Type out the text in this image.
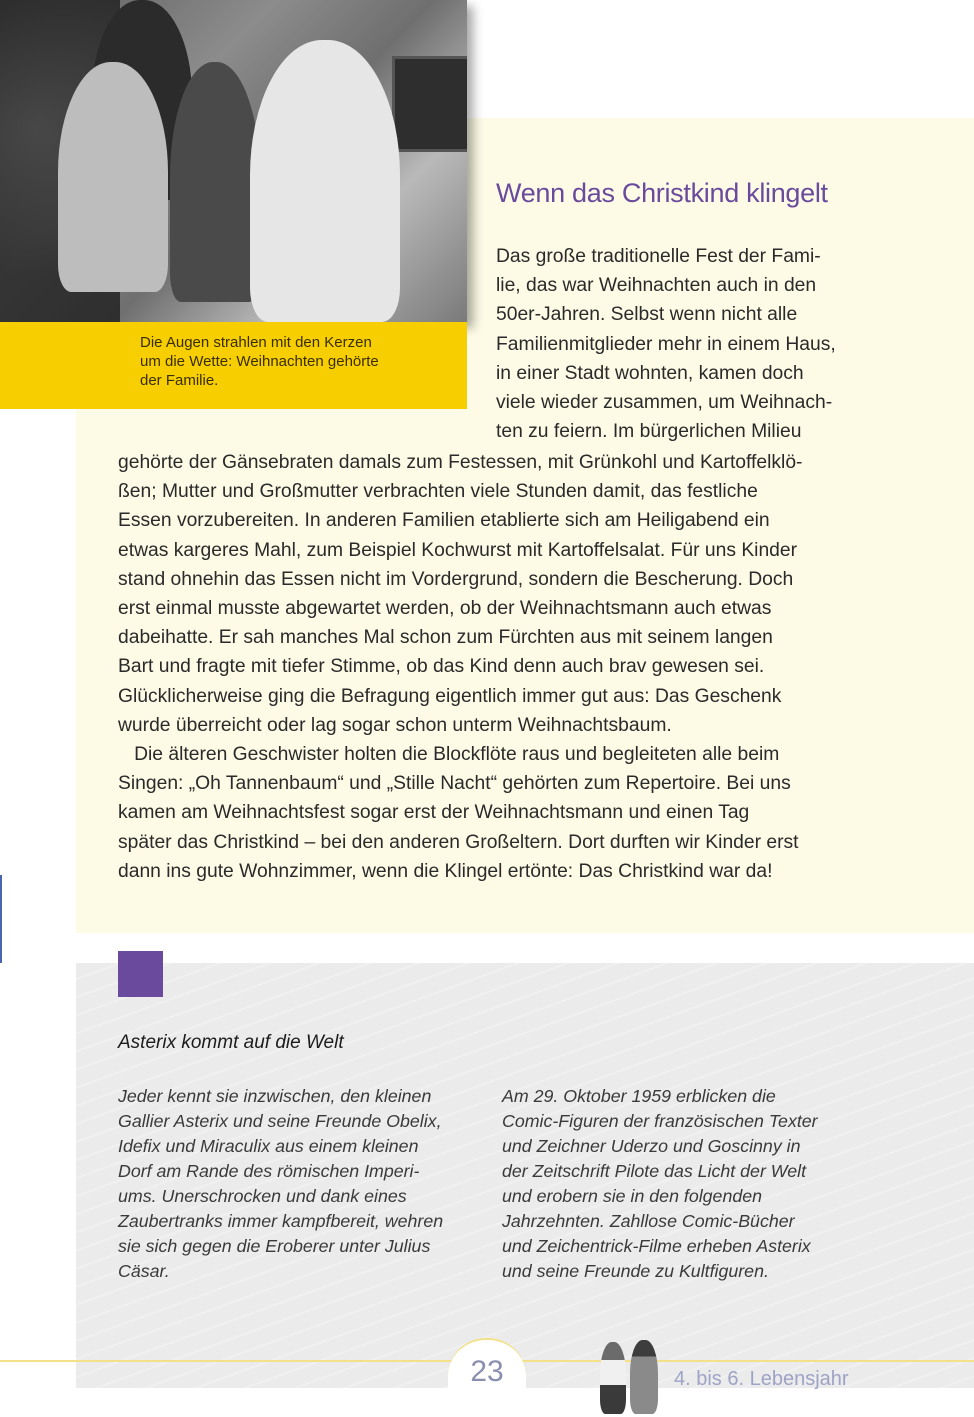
Die Augen strahlen mit den Kerzen
um die Wette: Weihnachten gehörte
der Familie.
Wenn das Christkind klingelt
Das große traditionelle Fest der Fami-
lie, das war Weihnachten auch in den
50er-Jahren. Selbst wenn nicht alle
Familienmitglieder mehr in einem Haus,
in einer Stadt wohnten, kamen doch
viele wieder zusammen, um Weihnach-
ten zu feiern. Im bürgerlichen Milieu
gehörte der Gänsebraten damals zum Festessen, mit Grünkohl und Kartoffelklö-
ßen; Mutter und Großmutter verbrachten viele Stunden damit, das festliche
Essen vorzubereiten. In anderen Familien etablierte sich am Heiligabend ein
etwas kargeres Mahl, zum Beispiel Kochwurst mit Kartoffelsalat. Für uns Kinder
stand ohnehin das Essen nicht im Vordergrund, sondern die Bescherung. Doch
erst einmal musste abgewartet werden, ob der Weihnachtsmann auch etwas
dabeihatte. Er sah manches Mal schon zum Fürchten aus mit seinem langen
Bart und fragte mit tiefer Stimme, ob das Kind denn auch brav gewesen sei.
Glücklicherweise ging die Befragung eigentlich immer gut aus: Das Geschenk
wurde überreicht oder lag sogar schon unterm Weihnachtsbaum.
Die älteren Geschwister holten die Blockflöte raus und begleiteten alle beim
Singen: „Oh Tannenbaum“ und „Stille Nacht“ gehörten zum Repertoire. Bei uns
kamen am Weihnachtsfest sogar erst der Weihnachtsmann und einen Tag
später das Christkind – bei den anderen Großeltern. Dort durften wir Kinder erst
dann ins gute Wohnzimmer, wenn die Klingel ertönte: Das Christkind war da!
Asterix kommt auf die Welt
Jeder kennt sie inzwischen, den kleinen
Gallier Asterix und seine Freunde Obelix,
Idefix und Miraculix aus einem kleinen
Dorf am Rande des römischen Imperi-
ums. Unerschrocken und dank eines
Zaubertranks immer kampfbereit, wehren
sie sich gegen die Eroberer unter Julius
Cäsar.
Am 29. Oktober 1959 erblicken die
Comic-Figuren der französischen Texter
und Zeichner Uderzo und Goscinny in
der Zeitschrift Pilote das Licht der Welt
und erobern sie in den folgenden
Jahrzehnten. Zahllose Comic-Bücher
und Zeichentrick-Filme erheben Asterix
und seine Freunde zu Kultfiguren.
23	4. bis 6. Lebensjahr
